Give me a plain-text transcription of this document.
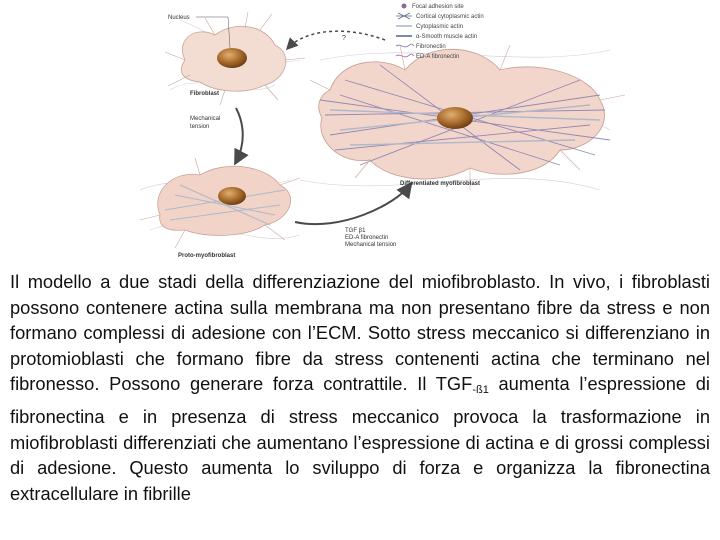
Nucleus
?
Fibroblast
Mechanical
tension
Differentiated myofibroblast
TGF β1
ED-A fibronectin
Mechanical tension
Proto-myofibroblast
Focal adhesion site
Cortical cytoplasmic actin
Cytoplasmic actin
α-Smooth muscle actin
Fibronectin
ED-A fibronectin

Il modello a due stadi della differenziazione del miofibroblasto. In vivo, i fibroblasti possono contenere actina sulla membrana ma non presentano fibre da stress e non formano complessi di adesione con l’ECM. Sotto stress meccanico si differenziano in protomioblasti che formano fibre da stress contenenti actina che terminano nel fibronesso. Possono generare forza contrattile. Il $TGF_{-ß1}$ aumenta l’espressione di fibronectina e in presenza di stress meccanico provoca la trasformazione in miofibroblasti differenziati che aumentano l’espressione di actina e di grossi complessi di adesione. Questo aumenta lo sviluppo di forza e organizza la fibronectina extracellulare in fibrille
